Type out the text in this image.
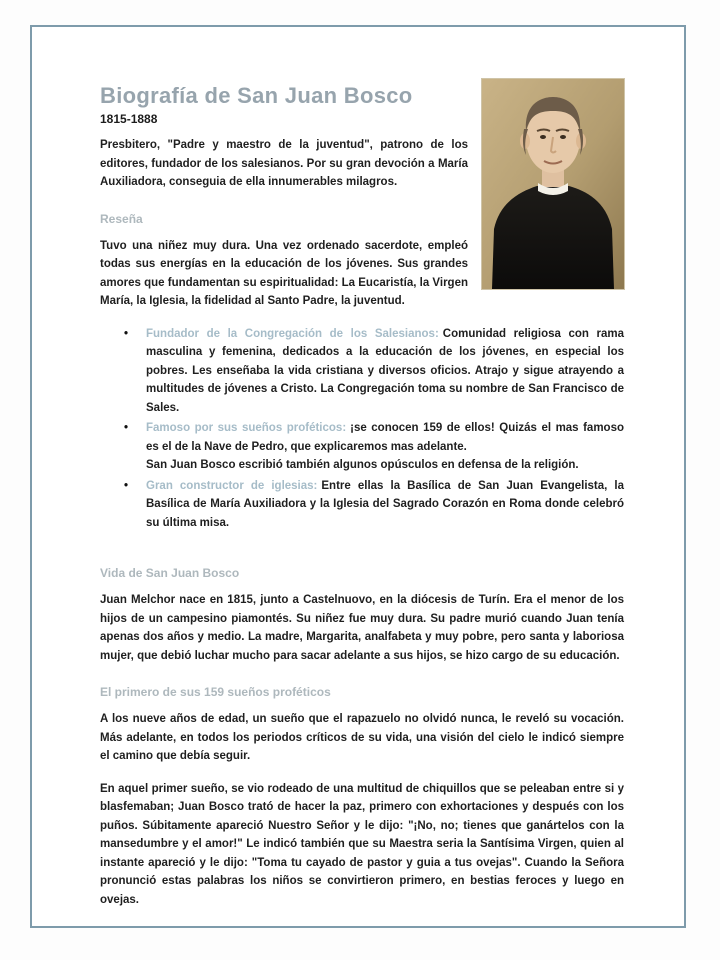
Biografía de San Juan Bosco
1815-1888

Presbitero, "Padre y maestro de la juventud", patrono de los editores, fundador de los salesianos. Por su gran devoción a María Auxiliadora, conseguia de ella innumerables milagros.

Reseña

Tuvo una niñez muy dura. Una vez ordenado sacerdote, empleó todas sus energías en la educación de los jóvenes. Sus grandes amores que fundamentan su espiritualidad: La Eucaristía, la Virgen María, la Iglesia, la fidelidad al Santo Padre, la juventud.

• Fundador de la Congregación de los Salesianos: Comunidad religiosa con rama masculina y femenina, dedicados a la educación de los jóvenes, en especial los pobres. Les enseñaba la vida cristiana y diversos oficios. Atrajo y sigue atrayendo a multitudes de jóvenes a Cristo. La Congregación toma su nombre de San Francisco de Sales.
• Famoso por sus sueños proféticos: ¡se conocen 159 de ellos! Quizás el mas famoso es el de la Nave de Pedro, que explicaremos mas adelante.
San Juan Bosco escribió también algunos opúsculos en defensa de la religión.
• Gran constructor de iglesias: Entre ellas la Basílica de San Juan Evangelista, la Basílica de María Auxiliadora y la Iglesia del Sagrado Corazón en Roma donde celebró su última misa.
Vida de San Juan Bosco

Juan Melchor nace en 1815, junto a Castelnuovo, en la diócesis de Turín. Era el menor de los hijos de un campesino piamontés. Su niñez fue muy dura. Su padre murió cuando Juan tenía apenas dos años y medio. La madre, Margarita, analfabeta y muy pobre, pero santa y laboriosa mujer, que debió luchar mucho para sacar adelante a sus hijos, se hizo cargo de su educación.

El primero de sus 159 sueños proféticos

A los nueve años de edad, un sueño que el rapazuelo no olvidó nunca, le reveló su vocación. Más adelante, en todos los periodos críticos de su vida, una visión del cielo le indicó siempre el camino que debía seguir.

En aquel primer sueño, se vio rodeado de una multitud de chiquillos que se peleaban entre si y blasfemaban; Juan Bosco trató de hacer la paz, primero con exhortaciones y después con los puños. Súbitamente apareció Nuestro Señor y le dijo: "¡No, no; tienes que ganártelos con la mansedumbre y el amor!" Le indicó también que su Maestra seria la Santísima Virgen, quien al instante apareció y le dijo: "Toma tu cayado de pastor y guia a tus ovejas". Cuando la Señora pronunció estas palabras los niños se convirtieron primero, en bestias feroces y luego en ovejas.
